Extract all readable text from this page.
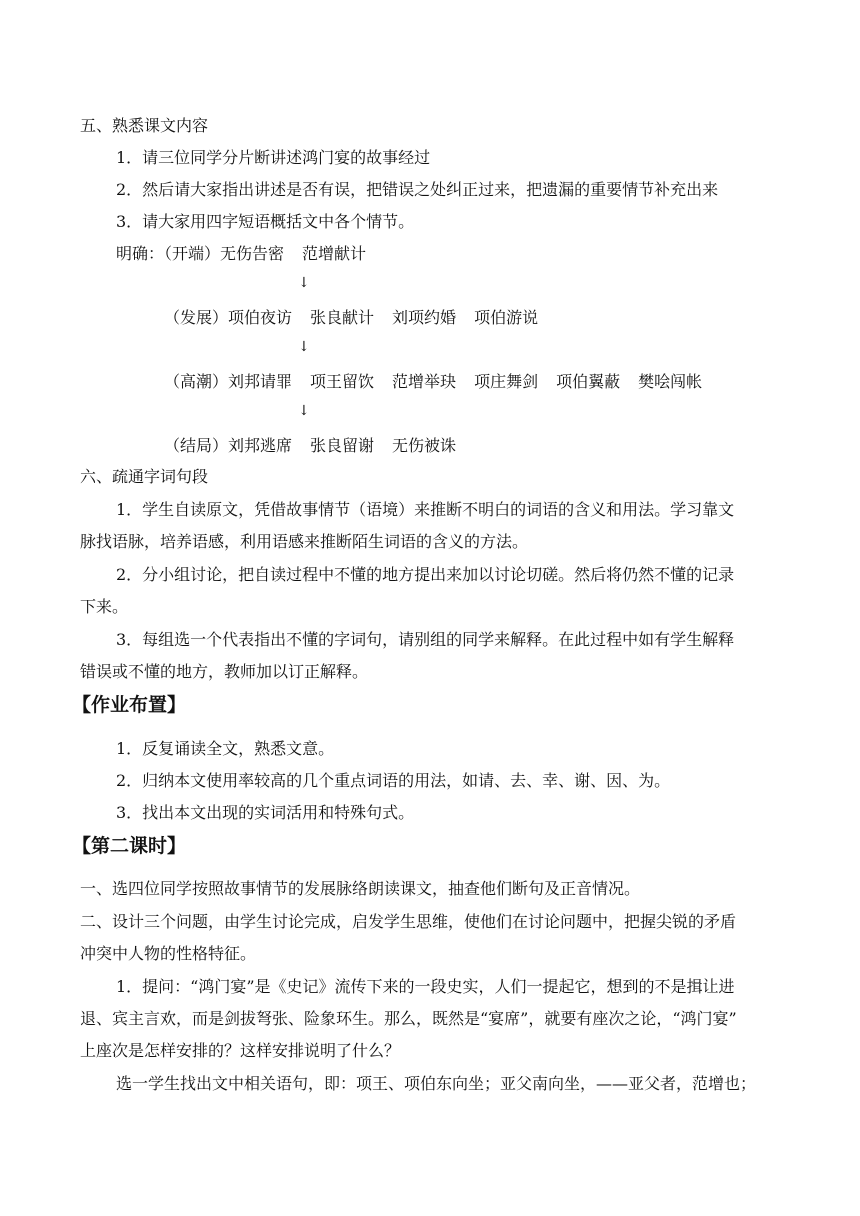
五、熟悉课文内容
1．请三位同学分片断讲述鸿门宴的故事经过
2．然后请大家指出讲述是否有误，把错误之处纠正过来，把遗漏的重要情节补充出来
3．请大家用四字短语概括文中各个情节。
明确：（开端）无伤告密 范增献计
↓
（发展）项伯夜访 张良献计 刘项约婚 项伯游说
↓
（高潮）刘邦请罪 项王留饮 范增举玦 项庄舞剑 项伯翼蔽 樊哙闯帐
↓
（结局）刘邦逃席 张良留谢 无伤被诛
六、疏通字词句段
1．学生自读原文，凭借故事情节（语境）来推断不明白的词语的含义和用法。学习靠文
脉找语脉，培养语感，利用语感来推断陌生词语的含义的方法。
2．分小组讨论，把自读过程中不懂的地方提出来加以讨论切磋。然后将仍然不懂的记录
下来。
3．每组选一个代表指出不懂的字词句，请别组的同学来解释。在此过程中如有学生解释
错误或不懂的地方，教师加以订正解释。
【作业布置】
1．反复诵读全文，熟悉文意。
2．归纳本文使用率较高的几个重点词语的用法，如请、去、幸、谢、因、为。
3．找出本文出现的实词活用和特殊句式。
【第二课时】
一、选四位同学按照故事情节的发展脉络朗读课文，抽查他们断句及正音情况。
二、设计三个问题，由学生讨论完成，启发学生思维，使他们在讨论问题中，把握尖锐的矛盾
冲突中人物的性格特征。
1．提问：“鸿门宴”是《史记》流传下来的一段史实，人们一提起它，想到的不是揖让进
退、宾主言欢，而是剑拔弩张、险象环生。那么，既然是“宴席”，就要有座次之论，“鸿门宴”
上座次是怎样安排的？这样安排说明了什么？
选一学生找出文中相关语句，即：项王、项伯东向坐；亚父南向坐，——亚父者，范增也；
